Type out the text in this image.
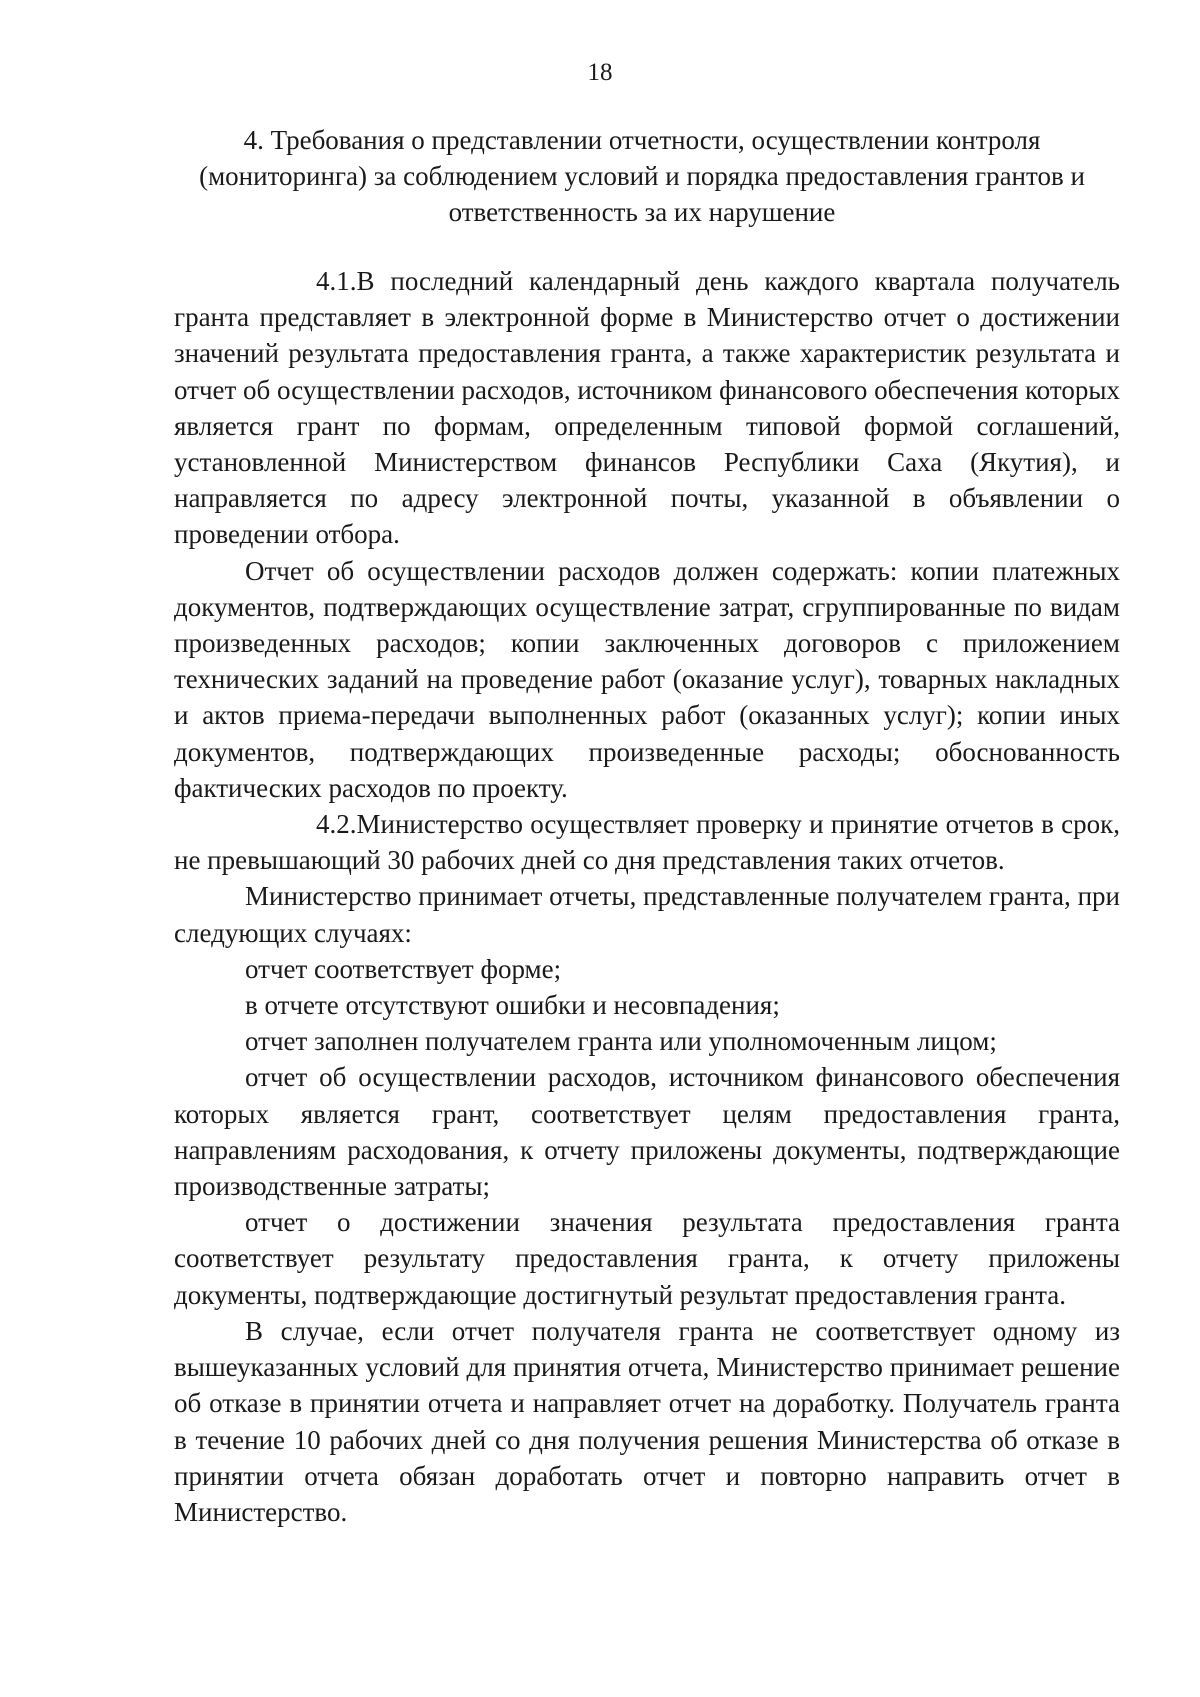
18
4. Требования о представлении отчетности, осуществлении контроля
(мониторинга) за соблюдением условий и порядка предоставления грантов и
ответственность за их нарушение

4.1.В последний календарный день каждого квартала получатель гранта представляет в электронной форме в Министерство отчет о достижении значений результата предоставления гранта, а также характеристик результата и отчет об осуществлении расходов, источником финансового обеспечения которых является грант по формам, определенным типовой формой соглашений, установленной Министерством финансов Республики Саха (Якутия), и направляется по адресу электронной почты, указанной в объявлении о проведении отбора.

Отчет об осуществлении расходов должен содержать: копии платежных документов, подтверждающих осуществление затрат, сгруппированные по видам произведенных расходов; копии заключенных договоров с приложением технических заданий на проведение работ (оказание услуг), товарных накладных и актов приема-передачи выполненных работ (оказанных услуг); копии иных документов, подтверждающих произведенные расходы; обоснованность фактических расходов по проекту.

4.2.Министерство осуществляет проверку и принятие отчетов в срок, не превышающий 30 рабочих дней со дня представления таких отчетов.

Министерство принимает отчеты, представленные получателем гранта, при следующих случаях:

отчет соответствует форме;

в отчете отсутствуют ошибки и несовпадения;

отчет заполнен получателем гранта или уполномоченным лицом;

отчет об осуществлении расходов, источником финансового обеспечения которых является грант, соответствует целям предоставления гранта, направлениям расходования, к отчету приложены документы, подтверждающие производственные затраты;

отчет о достижении значения результата предоставления гранта соответствует результату предоставления гранта, к отчету приложены документы, подтверждающие достигнутый результат предоставления гранта.

В случае, если отчет получателя гранта не соответствует одному из вышеуказанных условий для принятия отчета, Министерство принимает решение об отказе в принятии отчета и направляет отчет на доработку. Получатель гранта в течение 10 рабочих дней со дня получения решения Министерства об отказе в принятии отчета обязан доработать отчет и повторно направить отчет в Министерство.
